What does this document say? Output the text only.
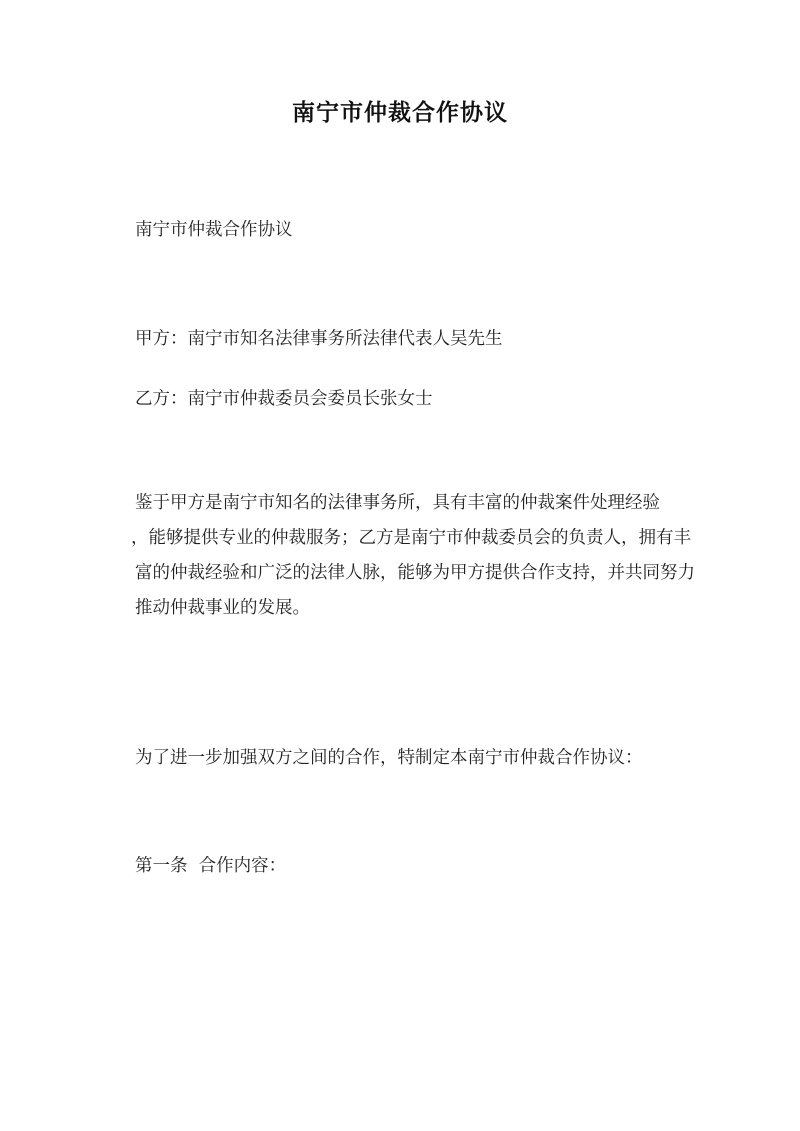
南宁市仲裁合作协议
南宁市仲裁合作协议
甲方：南宁市知名法律事务所法律代表人吴先生
乙方：南宁市仲裁委员会委员长张女士
鉴于甲方是南宁市知名的法律事务所，具有丰富的仲裁案件处理经验
，能够提供专业的仲裁服务；乙方是南宁市仲裁委员会的负责人，拥有丰
富的仲裁经验和广泛的法律人脉，能够为甲方提供合作支持，并共同努力
推动仲裁事业的发展。
为了进一步加强双方之间的合作，特制定本南宁市仲裁合作协议：
第一条  合作内容：
